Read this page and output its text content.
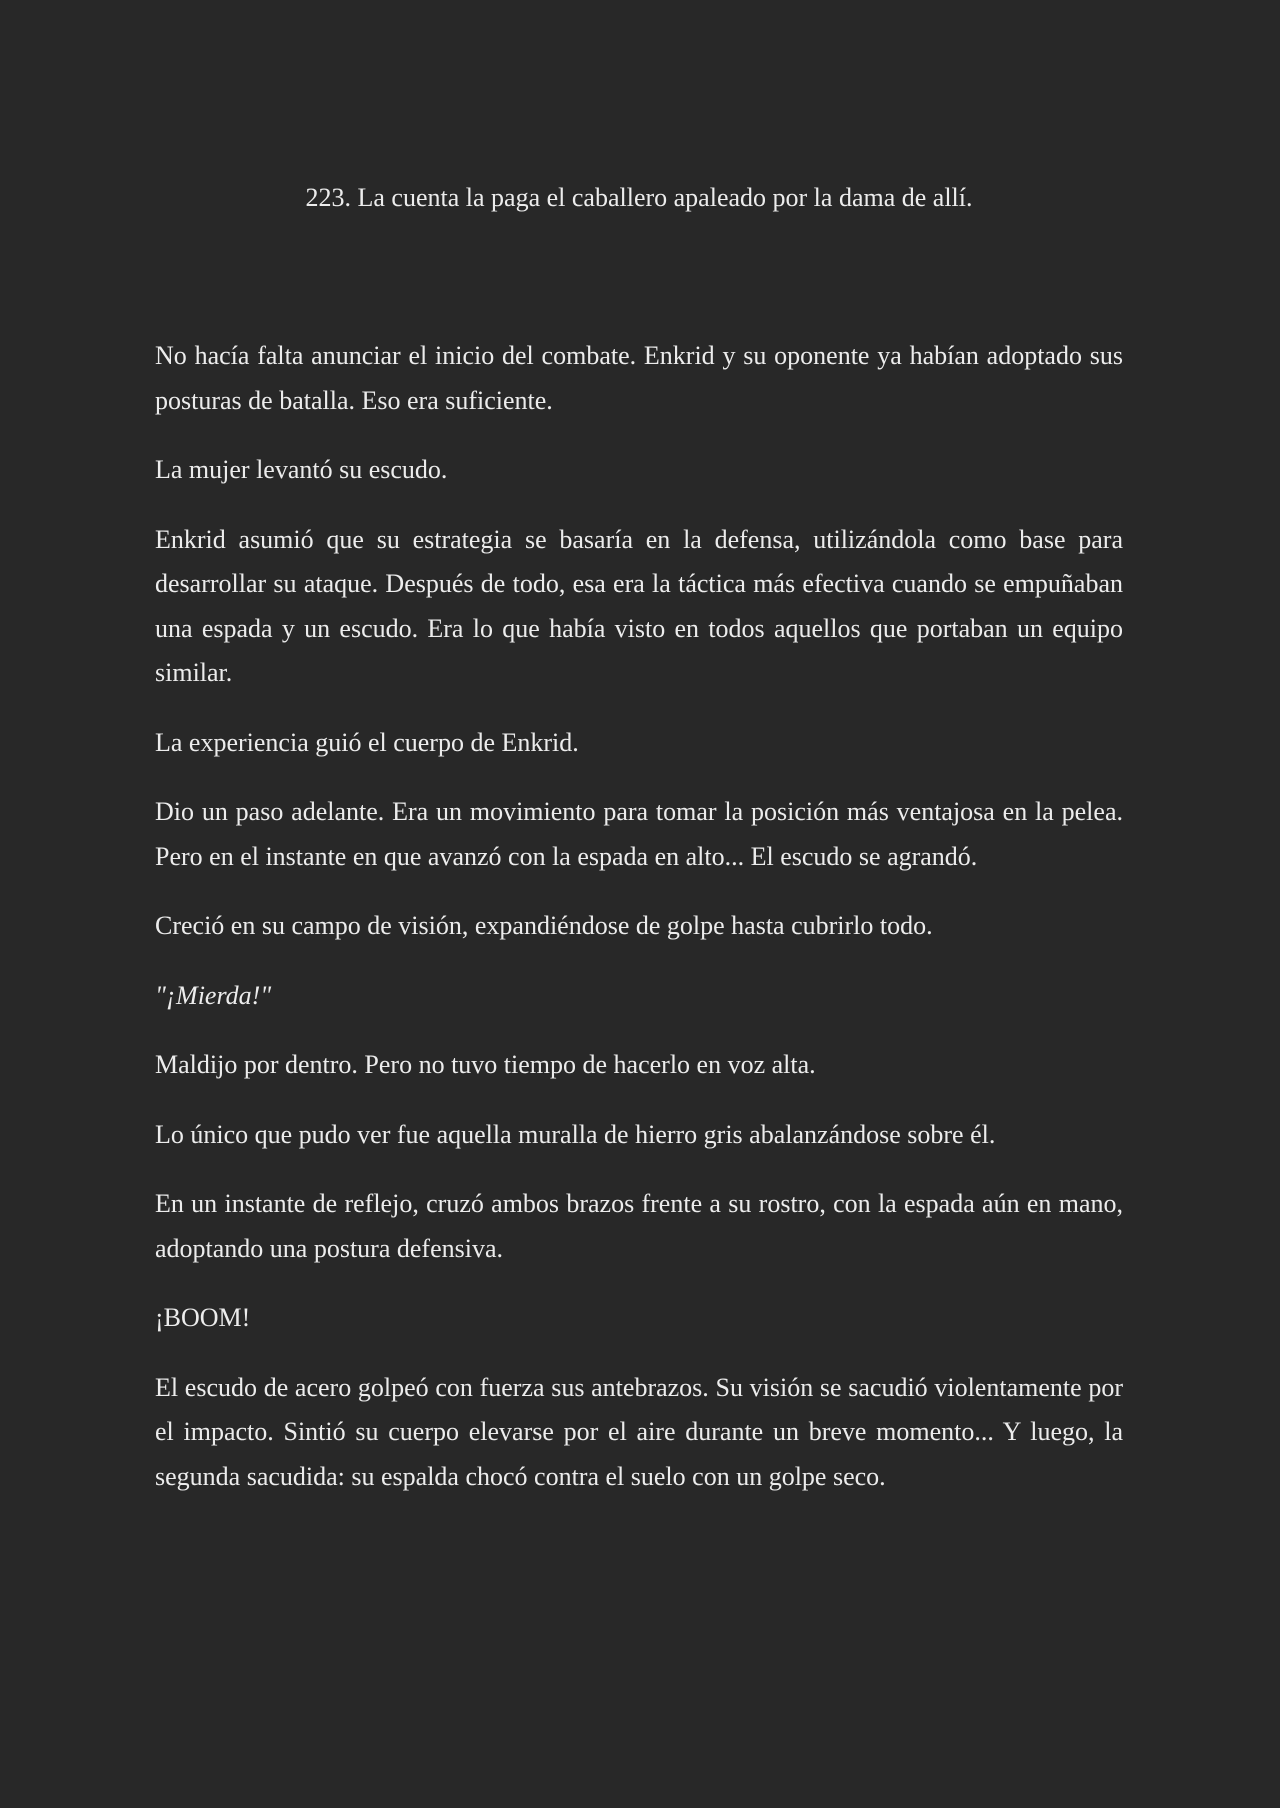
223. La cuenta la paga el caballero apaleado por la dama de allí.

No hacía falta anunciar el inicio del combate. Enkrid y su oponente ya habían adoptado sus posturas de batalla. Eso era suficiente.

La mujer levantó su escudo.

Enkrid asumió que su estrategia se basaría en la defensa, utilizándola como base para desarrollar su ataque. Después de todo, esa era la táctica más efectiva cuando se empuñaban una espada y un escudo. Era lo que había visto en todos aquellos que portaban un equipo similar.

La experiencia guió el cuerpo de Enkrid.

Dio un paso adelante. Era un movimiento para tomar la posición más ventajosa en la pelea. Pero en el instante en que avanzó con la espada en alto... El escudo se agrandó.

Creció en su campo de visión, expandiéndose de golpe hasta cubrirlo todo.

"¡Mierda!"

Maldijo por dentro. Pero no tuvo tiempo de hacerlo en voz alta.

Lo único que pudo ver fue aquella muralla de hierro gris abalanzándose sobre él.

En un instante de reflejo, cruzó ambos brazos frente a su rostro, con la espada aún en mano, adoptando una postura defensiva.

¡BOOM!

El escudo de acero golpeó con fuerza sus antebrazos. Su visión se sacudió violentamente por el impacto. Sintió su cuerpo elevarse por el aire durante un breve momento... Y luego, la segunda sacudida: su espalda chocó contra el suelo con un golpe seco.
